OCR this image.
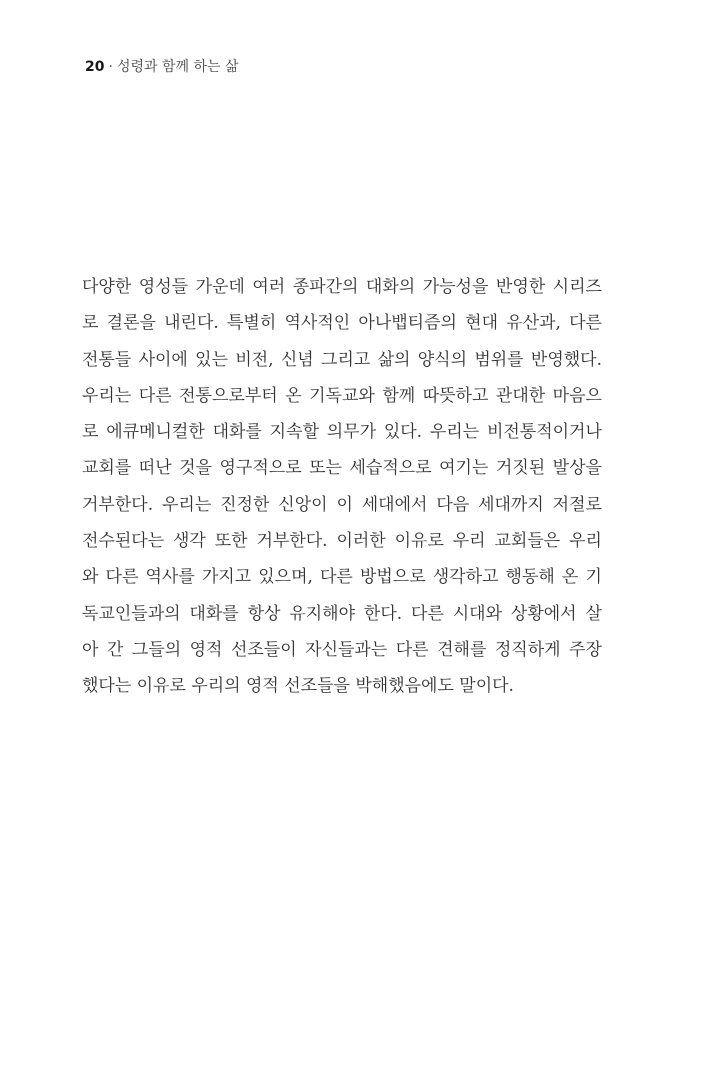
20 · 성령과 함께 하는 삶
다양한 영성들 가운데 여러 종파간의 대화의 가능성을 반영한 시리즈
로 결론을 내린다. 특별히 역사적인 아나뱁티즘의 현대 유산과, 다른
전통들 사이에 있는 비전, 신념 그리고 삶의 양식의 범위를 반영했다.
우리는 다른 전통으로부터 온 기독교와 함께 따뜻하고 관대한 마음으
로 에큐메니컬한 대화를 지속할 의무가 있다. 우리는 비전통적이거나
교회를 떠난 것을 영구적으로 또는 세습적으로 여기는 거짓된 발상을
거부한다. 우리는 진정한 신앙이 이 세대에서 다음 세대까지 저절로
전수된다는 생각 또한 거부한다. 이러한 이유로 우리 교회들은 우리
와 다른 역사를 가지고 있으며, 다른 방법으로 생각하고 행동해 온 기
독교인들과의 대화를 항상 유지해야 한다. 다른 시대와 상황에서 살
아 간 그들의 영적 선조들이 자신들과는 다른 견해를 정직하게 주장
했다는 이유로 우리의 영적 선조들을 박해했음에도 말이다.
